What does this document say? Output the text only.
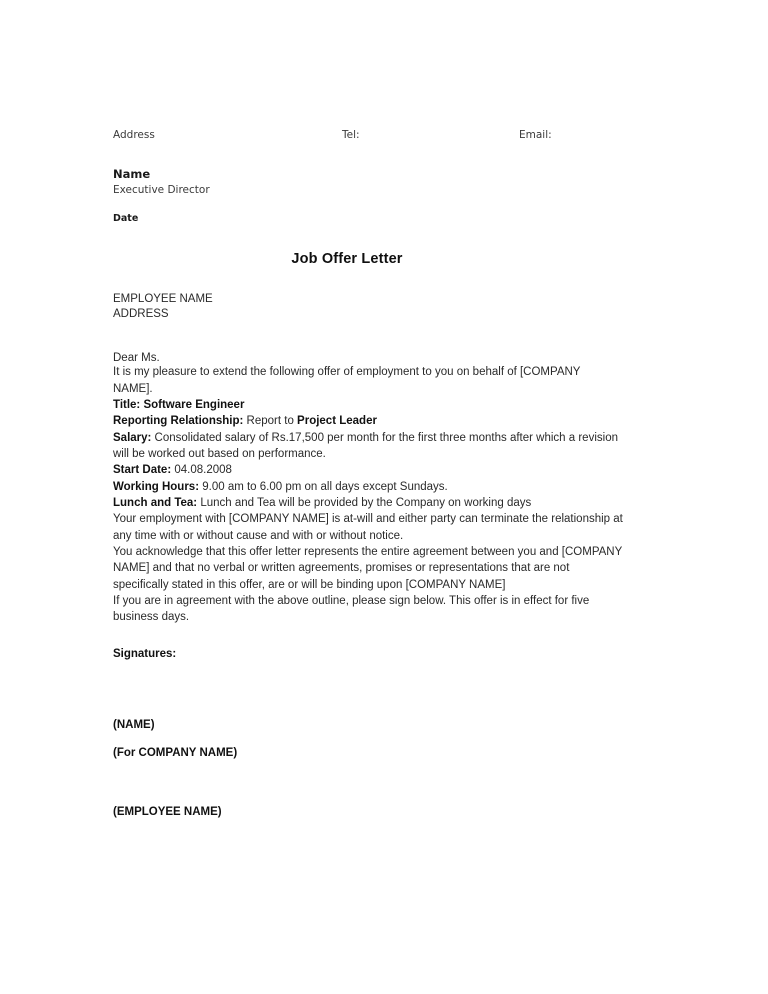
Address	Tel:	Email:
Name
Executive Director
Date
Job Offer Letter
EMPLOYEE NAME
ADDRESS
Dear Ms.

It is my pleasure to extend the following offer of employment to you on behalf of [COMPANY NAME].

Title: Software Engineer

Reporting Relationship: Report to Project Leader

Salary: Consolidated salary of Rs.17,500 per month for the first three months after which a revision will be worked out based on performance.

Start Date: 04.08.2008

Working Hours: 9.00 am to 6.00 pm on all days except Sundays.

Lunch and Tea: Lunch and Tea will be provided by the Company on working days

Your employment with [COMPANY NAME] is at-will and either party can terminate the relationship at any time with or without cause and with or without notice.

You acknowledge that this offer letter represents the entire agreement between you and [COMPANY NAME] and that no verbal or written agreements, promises or representations that are not specifically stated in this offer, are or will be binding upon [COMPANY NAME]

If you are in agreement with the above outline, please sign below. This offer is in effect for five business days.

Signatures:
(NAME)
(For COMPANY NAME)
(EMPLOYEE NAME)
